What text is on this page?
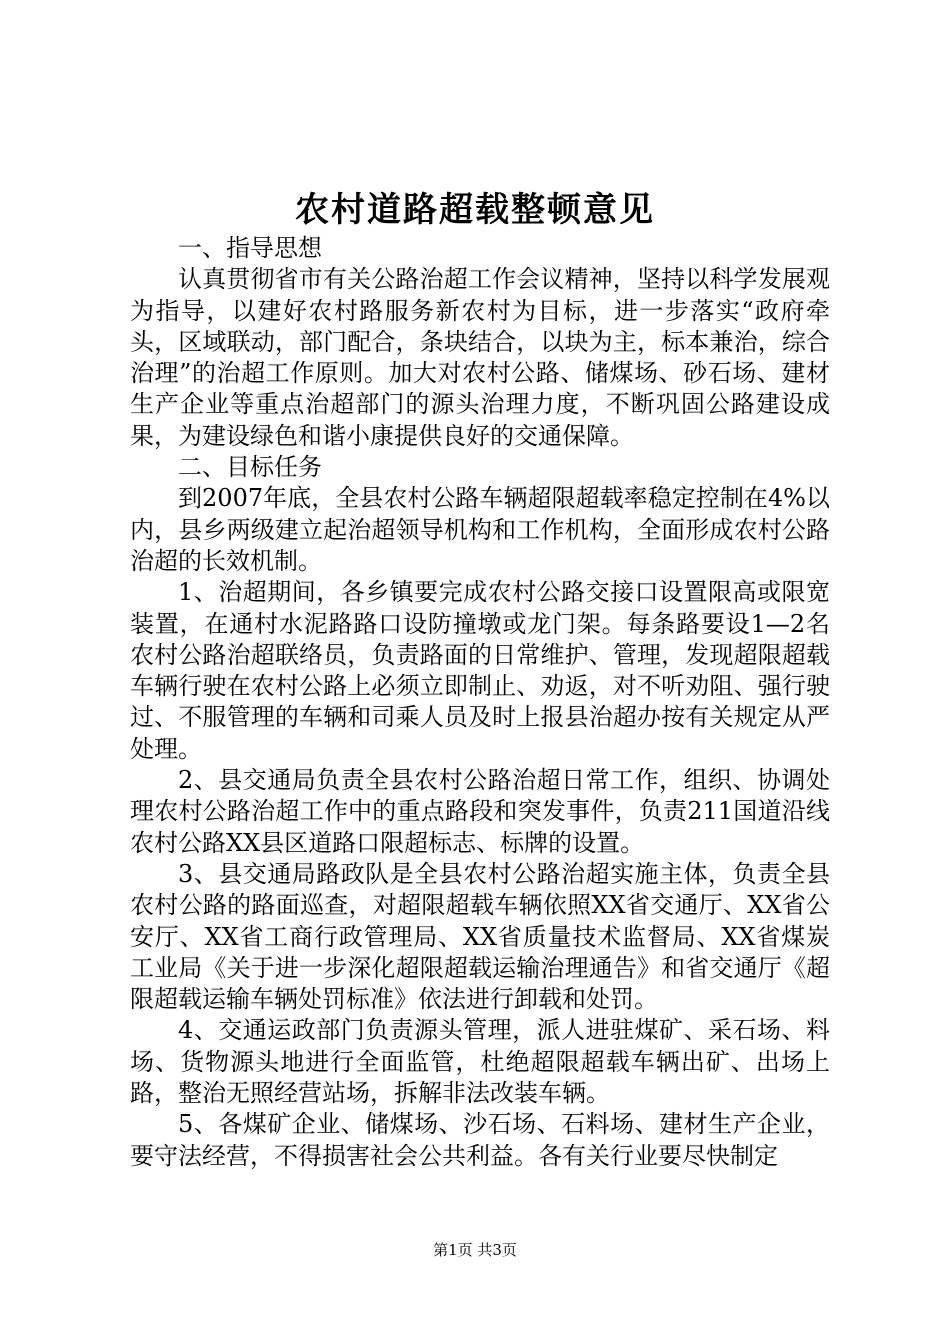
农村道路超载整顿意见

一、指导思想

认真贯彻省市有关公路治超工作会议精神，坚持以科学发展观为指导，以建好农村路服务新农村为目标，进一步落实“政府牵头，区域联动，部门配合，条块结合，以块为主，标本兼治，综合治理”的治超工作原则。加大对农村公路、储煤场、砂石场、建材生产企业等重点治超部门的源头治理力度，不断巩固公路建设成果，为建设绿色和谐小康提供良好的交通保障。

二、目标任务

到2007年底，全县农村公路车辆超限超载率稳定控制在4%以内，县乡两级建立起治超领导机构和工作机构，全面形成农村公路治超的长效机制。

1、治超期间，各乡镇要完成农村公路交接口设置限高或限宽装置，在通村水泥路路口设防撞墩或龙门架。每条路要设1—2名农村公路治超联络员，负责路面的日常维护、管理，发现超限超载车辆行驶在农村公路上必须立即制止、劝返，对不听劝阻、强行驶过、不服管理的车辆和司乘人员及时上报县治超办按有关规定从严处理。

2、县交通局负责全县农村公路治超日常工作，组织、协调处理农村公路治超工作中的重点路段和突发事件，负责211国道沿线农村公路XX县区道路口限超标志、标牌的设置。

3、县交通局路政队是全县农村公路治超实施主体，负责全县农村公路的路面巡查，对超限超载车辆依照XX省交通厅、XX省公安厅、XX省工商行政管理局、XX省质量技术监督局、XX省煤炭工业局《关于进一步深化超限超载运输治理通告》和省交通厅《超限超载运输车辆处罚标准》依法进行卸载和处罚。

4、交通运政部门负责源头管理，派人进驻煤矿、采石场、料场、货物源头地进行全面监管，杜绝超限超载车辆出矿、出场上路，整治无照经营站场，拆解非法改装车辆。

5、各煤矿企业、储煤场、沙石场、石料场、建材生产企业，要守法经营，不得损害社会公共利益。各有关行业要尽快制定

第1页 共3页
